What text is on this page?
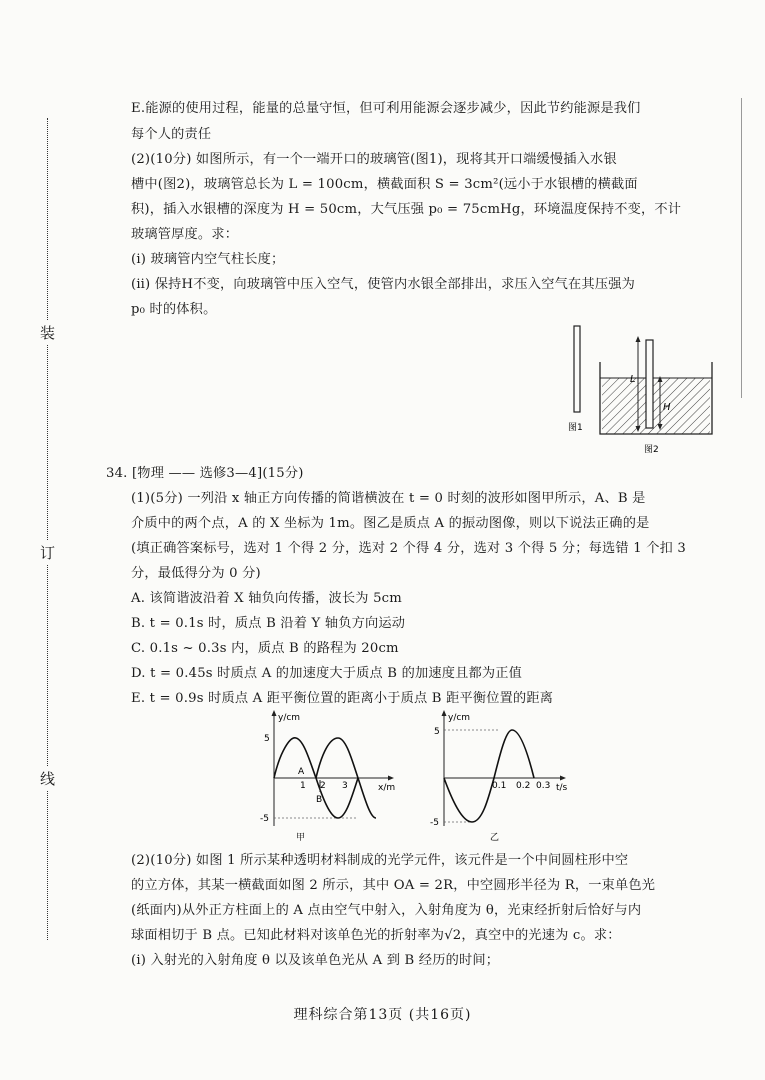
装
订
线
E.能源的使用过程，能量的总量守恒，但可利用能源会逐步减少，因此节约能源是我们
每个人的责任
(2)(10分) 如图所示，有一个一端开口的玻璃管(图1)，现将其开口端缓慢插入水银
槽中(图2)，玻璃管总长为 L = 100cm，横截面积 S = 3cm²(远小于水银槽的横截面
积)，插入水银槽的深度为 H = 50cm，大气压强 p₀ = 75cmHg，环境温度保持不变，不计
玻璃管厚度。求：
(ⅰ) 玻璃管内空气柱长度；
(ⅱ) 保持H不变，向玻璃管中压入空气，使管内水银全部排出，求压入空气在其压强为
p₀ 时的体积。
L
H
图1
图2
34. [物理 —— 选修3—4](15分)
(1)(5分) 一列沿 x 轴正方向传播的简谐横波在 t = 0 时刻的波形如图甲所示，A、B 是
介质中的两个点，A 的 X 坐标为 1m。图乙是质点 A 的振动图像，则以下说法正确的是
(填正确答案标号，选对 1 个得 2 分，选对 2 个得 4 分，选对 3 个得 5 分；每选错 1 个扣 3
分，最低得分为 0 分)
A. 该简谐波沿着 X 轴负向传播，波长为 5cm
B. t = 0.1s 时，质点 B 沿着 Y 轴负方向运动
C. 0.1s ~ 0.3s 内，质点 B 的路程为 20cm
D. t = 0.45s 时质点 A 的加速度大于质点 B 的加速度且都为正值
E. t = 0.9s 时质点 A 距平衡位置的距离小于质点 B 距平衡位置的距离
y/cm
x/m
5
-5
1 2 3
A
B
甲
y/cm
t/s
5
-5
0.1 0.2 0.3
乙
(2)(10分) 如图 1 所示某种透明材料制成的光学元件，该元件是一个中间圆柱形中空
的立方体，其某一横截面如图 2 所示，其中 OA = 2R，中空圆形半径为 R，一束单色光
(纸面内)从外正方柱面上的 A 点由空气中射入，入射角度为 θ，光束经折射后恰好与内
球面相切于 B 点。已知此材料对该单色光的折射率为√2，真空中的光速为 c。求：
(ⅰ) 入射光的入射角度 θ 以及该单色光从 A 到 B 经历的时间；
理科综合第13页 (共16页)
